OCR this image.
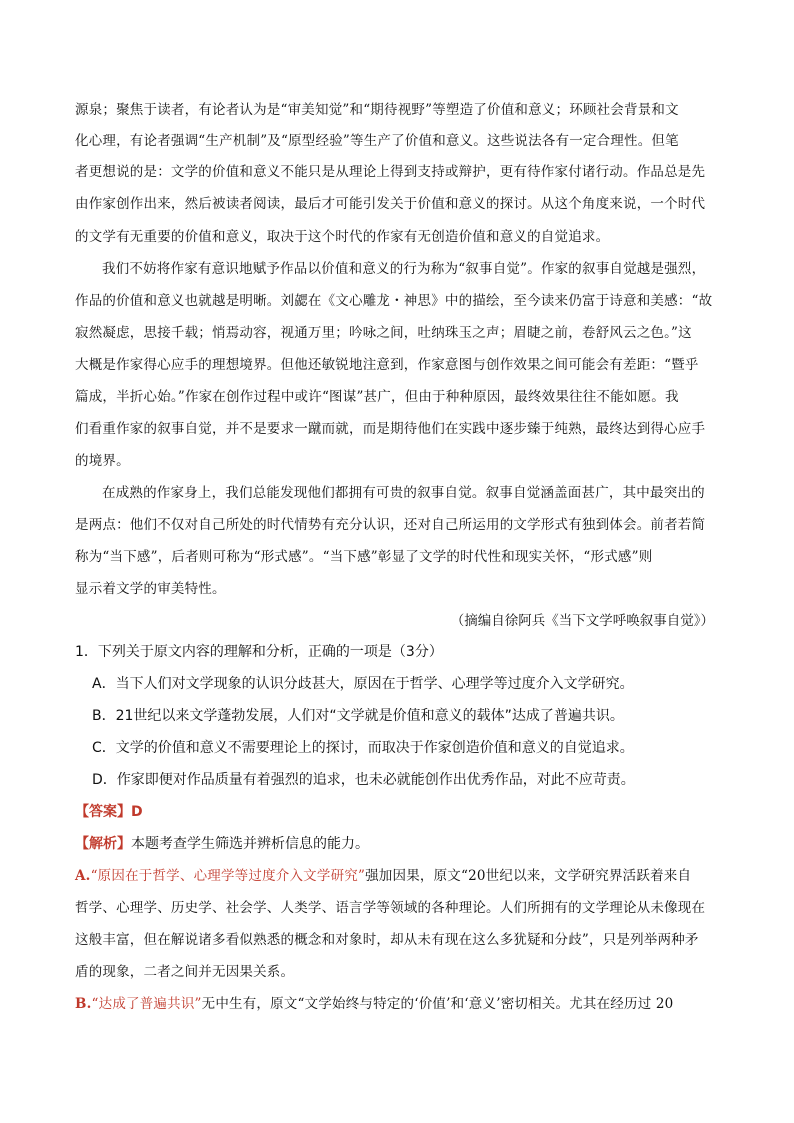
源泉；聚焦于读者，有论者认为是“审美知觉”和“期待视野”等塑造了价值和意义；环顾社会背景和文
化心理，有论者强调“生产机制”及“原型经验”等生产了价值和意义。这些说法各有一定合理性。但笔
者更想说的是：文学的价值和意义不能只是从理论上得到支持或辩护，更有待作家付诸行动。作品总是先
由作家创作出来，然后被读者阅读，最后才可能引发关于价值和意义的探讨。从这个角度来说，一个时代
的文学有无重要的价值和意义，取决于这个时代的作家有无创造价值和意义的自觉追求。
我们不妨将作家有意识地赋予作品以价值和意义的行为称为“叙事自觉”。作家的叙事自觉越是强烈，
作品的价值和意义也就越是明晰。刘勰在《文心雕龙・神思》中的描绘，至今读来仍富于诗意和美感：“故
寂然凝虑，思接千载；悄焉动容，视通万里；吟咏之间，吐纳珠玉之声；眉睫之前，卷舒风云之色。”这
大概是作家得心应手的理想境界。但他还敏锐地注意到，作家意图与创作效果之间可能会有差距：“暨乎
篇成，半折心始。”作家在创作过程中或许“图谋”甚广，但由于种种原因，最终效果往往不能如愿。我
们看重作家的叙事自觉，并不是要求一蹴而就，而是期待他们在实践中逐步臻于纯熟，最终达到得心应手
的境界。
在成熟的作家身上，我们总能发现他们都拥有可贵的叙事自觉。叙事自觉涵盖面甚广，其中最突出的
是两点：他们不仅对自己所处的时代情势有充分认识，还对自己所运用的文学形式有独到体会。前者若简
称为“当下感”，后者则可称为“形式感”。“当下感”彰显了文学的时代性和现实关怀，“形式感”则
显示着文学的审美特性。
（摘编自徐阿兵《当下文学呼唤叙事自觉》）
1．下列关于原文内容的理解和分析，正确的一项是（3分）
A．当下人们对文学现象的认识分歧甚大，原因在于哲学、心理学等过度介入文学研究。
B．21世纪以来文学蓬勃发展，人们对“文学就是价值和意义的载体”达成了普遍共识。
C．文学的价值和意义不需要理论上的探讨，而取决于作家创造价值和意义的自觉追求。
D．作家即便对作品质量有着强烈的追求，也未必就能创作出优秀作品，对此不应苛责。
【答案】D
【解析】本题考查学生筛选并辨析信息的能力。
A.“原因在于哲学、心理学等过度介入文学研究”强加因果，原文“20世纪以来，文学研究界活跃着来自
哲学、心理学、历史学、社会学、人类学、语言学等领域的各种理论。人们所拥有的文学理论从未像现在
这般丰富，但在解说诸多看似熟悉的概念和对象时，却从未有现在这么多犹疑和分歧”，只是列举两种矛
盾的现象，二者之间并无因果关系。
B.“达成了普遍共识”无中生有，原文“文学始终与特定的‘价值’和‘意义’密切相关。尤其在经历过 20
